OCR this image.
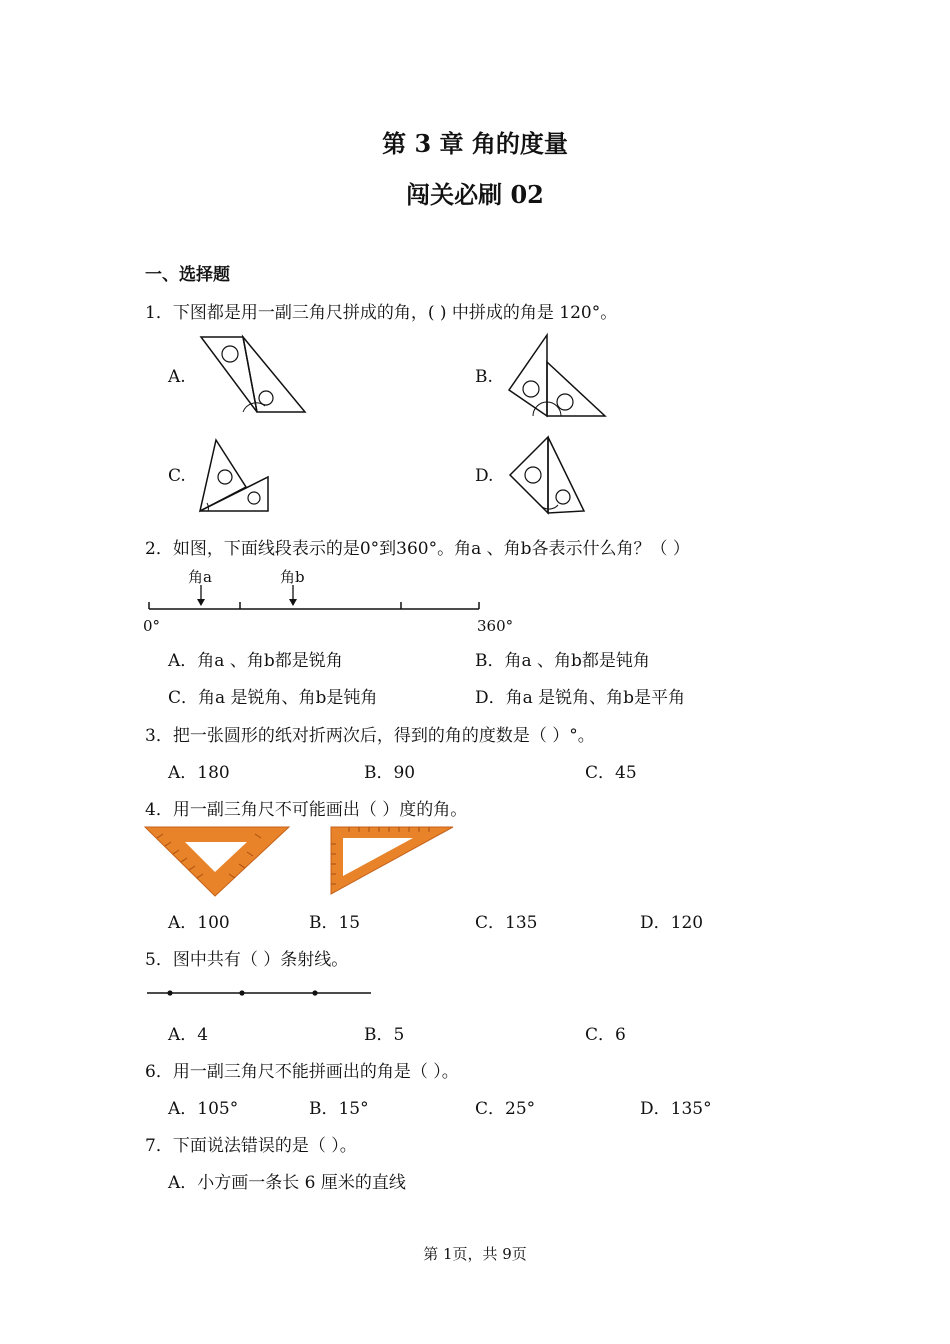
第 3 章 角的度量
闯关必刷 02
一、选择题
1．下图都是用一副三角尺拼成的角，( ) 中拼成的角是 120°。
A.	B.
C.	D.
2．如图，下面线段表示的是0°到360°。角a 、角b各表示什么角？（ ）
角a	角b
0°	360°
A．角a 、角b都是锐角	B．角a 、角b都是钝角
C．角a 是锐角、角b是钝角	D．角a 是锐角、角b是平角
3．把一张圆形的纸对折两次后，得到的角的度数是（ ）°。
A．180	B．90	C．45
4．用一副三角尺不可能画出（ ）度的角。
A．100	B．15	C．135	D．120
5．图中共有（ ）条射线。
A．4	B．5	C．6
6．用一副三角尺不能拼画出的角是（ ）。
A．105°	B．15°	C．25°	D．135°
7．下面说法错误的是（ ）。
A．小方画一条长 6 厘米的直线
第 1页，共 9页
